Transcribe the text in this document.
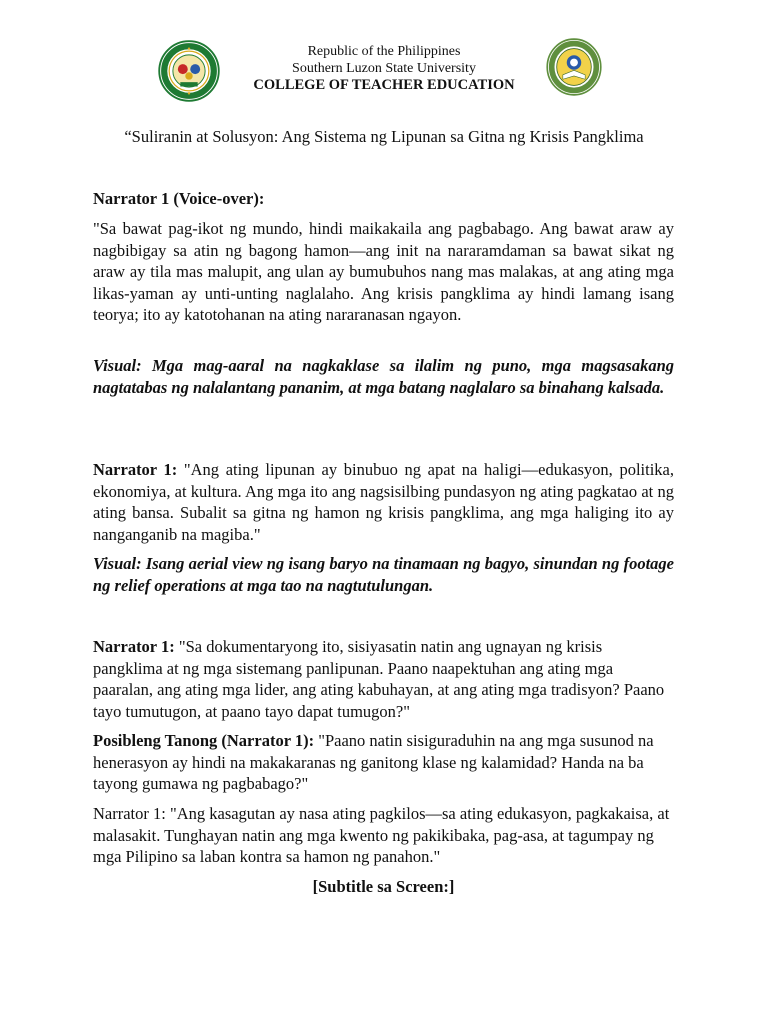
Republic of the Philippines
Southern Luzon State University
COLLEGE OF TEACHER EDUCATION
“Suliranin at Solusyon: Ang Sistema ng Lipunan sa Gitna ng Krisis Pangklima

Narrator 1 (Voice-over):

"Sa bawat pag-ikot ng mundo, hindi maikakaila ang pagbabago. Ang bawat araw ay nagbibigay sa atin ng bagong hamon—ang init na nararamdaman sa bawat sikat ng araw ay tila mas malupit, ang ulan ay bumubuhos nang mas malakas, at ang ating mga likas-yaman ay unti-unting naglalaho. Ang krisis pangklima ay hindi lamang isang teorya; ito ay katotohanan na ating nararanasan ngayon.

Visual: Mga mag-aaral na nagkaklase sa ilalim ng puno, mga magsasakang nagtatabas ng nalalantang pananim, at mga batang naglalaro sa binahang kalsada.

Narrator 1: "Ang ating lipunan ay binubuo ng apat na haligi—edukasyon, politika, ekonomiya, at kultura. Ang mga ito ang nagsisilbing pundasyon ng ating pagkatao at ng ating bansa. Subalit sa gitna ng hamon ng krisis pangklima, ang mga haliging ito ay nanganganib na magiba."

Visual: Isang aerial view ng isang baryo na tinamaan ng bagyo, sinundan ng footage ng relief operations at mga tao na nagtutulungan.

Narrator 1: "Sa dokumentaryong ito, sisiyasatin natin ang ugnayan ng krisis pangklima at ng mga sistemang panlipunan. Paano naapektuhan ang ating mga paaralan, ang ating mga lider, ang ating kabuhayan, at ang ating mga tradisyon? Paano tayo tumutugon, at paano tayo dapat tumugon?"

Posibleng Tanong (Narrator 1): "Paano natin sisiguraduhin na ang mga susunod na henerasyon ay hindi na makakaranas ng ganitong klase ng kalamidad? Handa na ba tayong gumawa ng pagbabago?"

Narrator 1: "Ang kasagutan ay nasa ating pagkilos—sa ating edukasyon, pagkakaisa, at malasakit. Tunghayan natin ang mga kwento ng pakikibaka, pag-asa, at tagumpay ng mga Pilipino sa laban kontra sa hamon ng panahon."

[Subtitle sa Screen:]
